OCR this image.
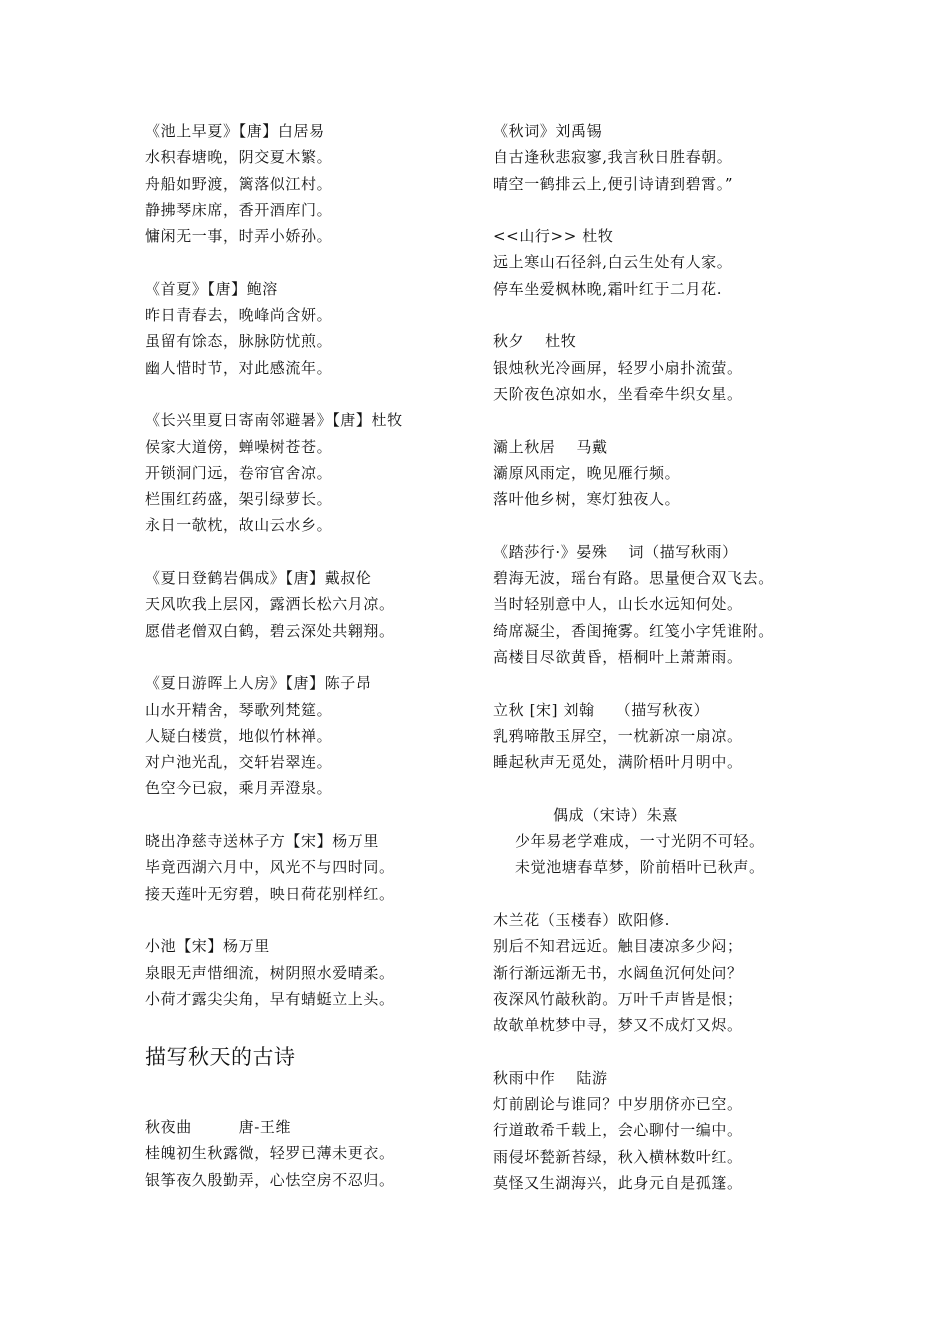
《池上早夏》【唐】白居易
水积春塘晚，阴交夏木繁。
舟船如野渡，篱落似江村。
静拂琴床席，香开酒库门。
慵闲无一事，时弄小娇孙。
《首夏》【唐】鲍溶
昨日青春去，晚峰尚含妍。
虽留有馀态，脉脉防忧煎。
幽人惜时节，对此感流年。
《长兴里夏日寄南邻避暑》【唐】杜牧
侯家大道傍，蝉噪树苍苍。
开锁洞门远，卷帘官舍凉。
栏围红药盛，架引绿萝长。
永日一欹枕，故山云水乡。
《夏日登鹤岩偶成》【唐】戴叔伦
天风吹我上层冈，露洒长松六月凉。
愿借老僧双白鹤，碧云深处共翱翔。
《夏日游晖上人房》【唐】陈子昂
山水开精舍，琴歌列梵筵。
人疑白楼赏，地似竹林禅。
对户池光乱，交轩岩翠连。
色空今已寂，乘月弄澄泉。
晓出净慈寺送林子方【宋】杨万里
毕竟西湖六月中，风光不与四时同。
接天莲叶无穷碧，映日荷花别样红。
小池【宋】杨万里
泉眼无声惜细流，树阴照水爱晴柔。
小荷才露尖尖角，早有蜻蜓立上头。
描写秋天的古诗
秋夜曲　　　唐-王维
桂魄初生秋露微，轻罗已薄未更衣。
银筝夜久殷勤弄，心怯空房不忍归。
《秋词》刘禹锡
自古逢秋悲寂寥,我言秋日胜春朝。
晴空一鹤排云上,便引诗请到碧霄。”
<<山行>> 杜牧
远上寒山石径斜,白云生处有人家。
停车坐爱枫林晚,霜叶红于二月花.
秋夕　 杜牧
银烛秋光冷画屏，轻罗小扇扑流萤。
天阶夜色凉如水，坐看牵牛织女星。
灞上秋居　 马戴
灞原风雨定，晚见雁行频。
落叶他乡树，寒灯独夜人。
《踏莎行·》晏殊　 词（描写秋雨）
碧海无波，瑶台有路。思量便合双飞去。
当时轻别意中人，山长水远知何处。
绮席凝尘，香闺掩雾。红笺小字凭谁附。
高楼目尽欲黄昏，梧桐叶上萧萧雨。
立秋 [宋] 刘翰　 （描写秋夜）
乳鸦啼散玉屏空，一枕新凉一扇凉。
睡起秋声无觅处，满阶梧叶月明中。
偶成（宋诗）朱熹
少年易老学难成，一寸光阴不可轻。
未觉池塘春草梦，阶前梧叶已秋声。
木兰花（玉楼春）欧阳修.
别后不知君远近。触目凄凉多少闷；
渐行渐远渐无书，水阔鱼沉何处问？
夜深风竹敲秋韵。万叶千声皆是恨；
故欹单枕梦中寻，梦又不成灯又烬。
秋雨中作　 陆游
灯前剧论与谁同？中岁朋侪亦已空。
行道敢希千载上，会心聊付一编中。
雨侵坏甃新苔绿，秋入横林数叶红。
莫怪又生湖海兴，此身元自是孤篷。
